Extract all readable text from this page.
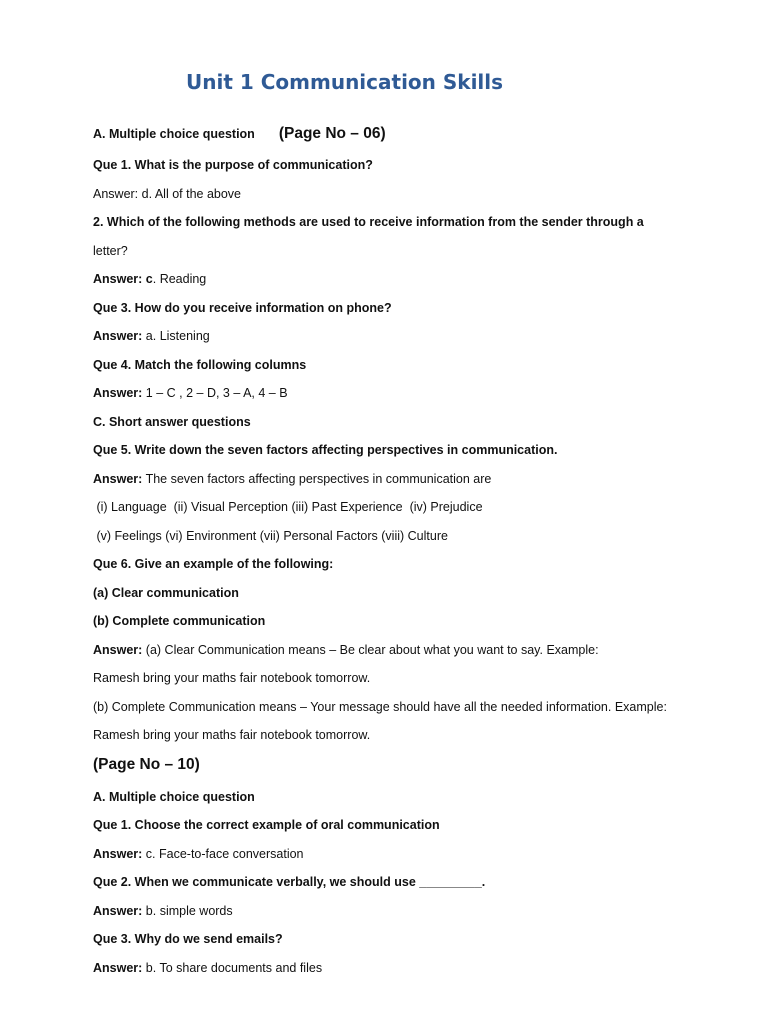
Unit 1 Communication Skills
A. Multiple choice question (Page No – 06)
Que 1. What is the purpose of communication?
Answer: d. All of the above
2. Which of the following methods are used to receive information from the sender through a
letter?
Answer: c. Reading
Que 3. How do you receive information on phone?
Answer: a. Listening
Que 4. Match the following columns
Answer: 1 – C , 2 – D, 3 – A, 4 – B
C. Short answer questions
Que 5. Write down the seven factors affecting perspectives in communication.
Answer: The seven factors affecting perspectives in communication are
(i) Language  (ii) Visual Perception (iii) Past Experience  (iv) Prejudice
(v) Feelings (vi) Environment (vii) Personal Factors (viii) Culture
Que 6. Give an example of the following:
(a) Clear communication
(b) Complete communication
Answer: (a) Clear Communication means – Be clear about what you want to say. Example:
Ramesh bring your maths fair notebook tomorrow.
(b) Complete Communication means – Your message should have all the needed information. Example:
Ramesh bring your maths fair notebook tomorrow.
(Page No – 10)
A. Multiple choice question
Que 1. Choose the correct example of oral communication
Answer: c. Face-to-face conversation
Que 2. When we communicate verbally, we should use _________.
Answer: b. simple words
Que 3. Why do we send emails?
Answer: b. To share documents and files
